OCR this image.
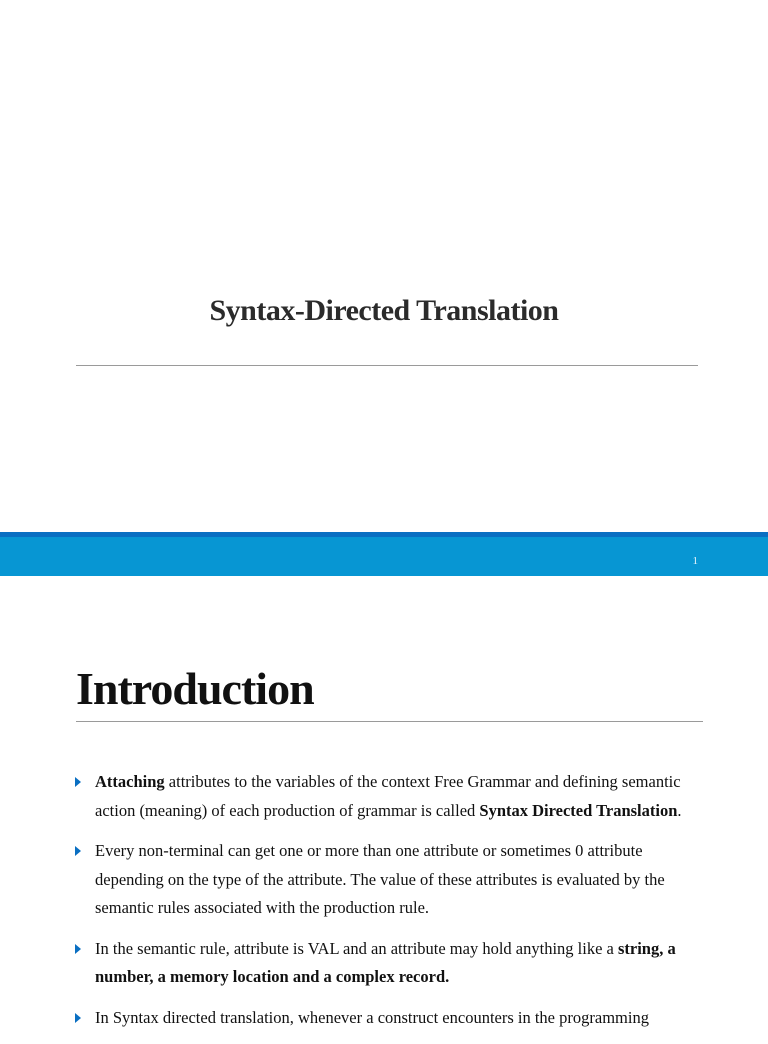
Syntax-Directed Translation
1
Introduction
Attaching attributes to the variables of the context Free Grammar and defining semantic action (meaning) of each production of grammar is called Syntax Directed Translation.
Every non-terminal can get one or more than one attribute or sometimes 0 attribute depending on the type of the attribute. The value of these attributes is evaluated by the semantic rules associated with the production rule.
In the semantic rule, attribute is VAL and an attribute may hold anything like a string, a number, a memory location and a complex record.
In Syntax directed translation, whenever a construct encounters in the programming
